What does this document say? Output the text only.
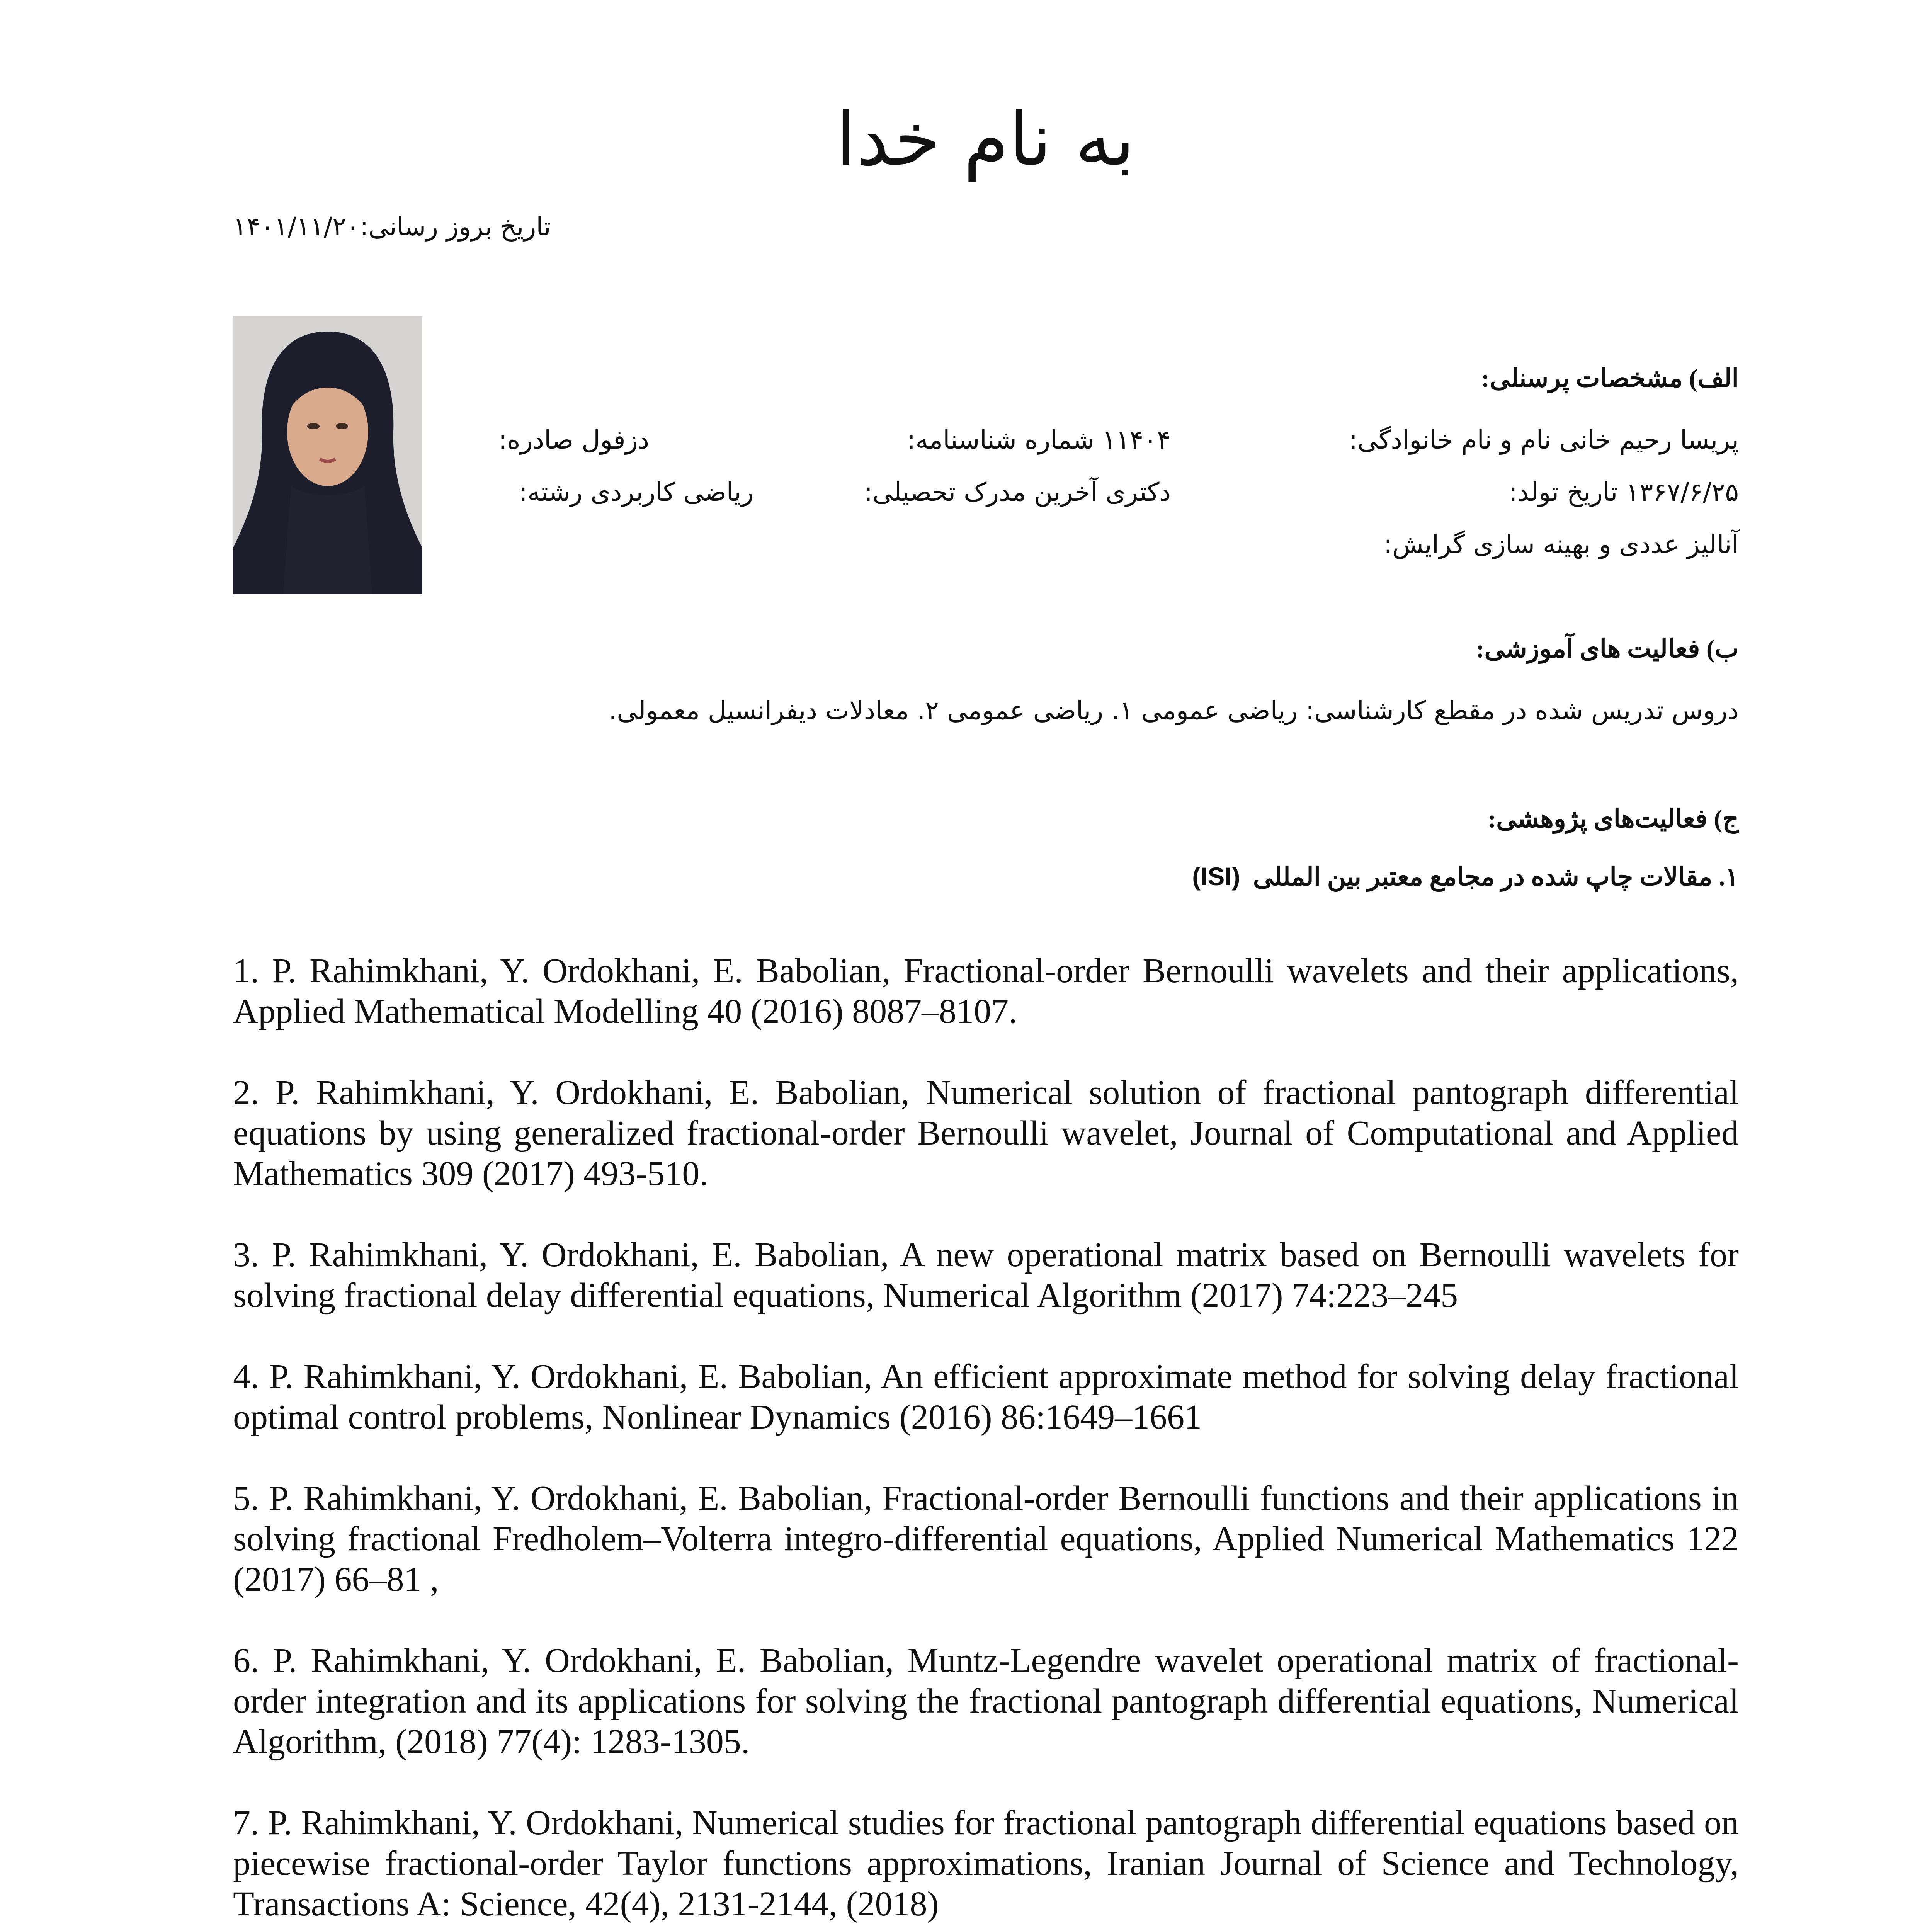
به نام خدا
تاریخ بروز رسانی:۱۴۰۱/۱۱/۲۰
الف) مشخصات پرسنلی:
نام و نام خانوادگی: پریسا رحیم خانی
شماره شناسنامه: ۱۱۴۰۴
صادره: دزفول
تاریخ تولد: ۱۳۶۷/۶/۲۵
آخرین مدرک تحصیلی: دکتری
رشته: ریاضی کاربردی
گرایش: آنالیز عددی و بهینه سازی
ب) فعالیت های آموزشی:
دروس تدریس شده در مقطع کارشناسی: ریاضی عمومی ۱. ریاضی عمومی ۲. معادلات دیفرانسیل معمولی.
ج) فعالیت‌های پژوهشی:
۱. مقالات چاپ شده در مجامع معتبر بین المللی  (ISI)

1. P. Rahimkhani, Y. Ordokhani, E. Babolian, Fractional-order Bernoulli wavelets and their applications, Applied Mathematical Modelling 40 (2016) 8087–8107.

2. P. Rahimkhani, Y. Ordokhani, E. Babolian, Numerical solution of fractional pantograph differential equations by using generalized fractional-order Bernoulli wavelet, Journal of Computational and Applied Mathematics 309 (2017) 493-510.

3. P. Rahimkhani, Y. Ordokhani, E. Babolian, A new operational matrix based on Bernoulli wavelets for solving fractional delay differential equations, Numerical Algorithm (2017) 74:223–245

4. P. Rahimkhani, Y. Ordokhani, E. Babolian, An efficient approximate method for solving delay fractional optimal control problems, Nonlinear Dynamics (2016) 86:1649–1661

5. P. Rahimkhani, Y. Ordokhani, E. Babolian, Fractional-order Bernoulli functions and their applications in solving fractional Fredholem–Volterra integro-differential equations, Applied Numerical Mathematics 122 (2017) 66–81 ,

6. P. Rahimkhani, Y. Ordokhani, E. Babolian, Muntz-Legendre wavelet operational matrix of fractional-order integration and its applications for solving the fractional pantograph differential equations, Numerical Algorithm, (2018) 77(4): 1283-1305.

7. P. Rahimkhani, Y. Ordokhani, Numerical studies for fractional pantograph differential equations based on piecewise fractional-order Taylor functions approximations, Iranian Journal of Science and Technology, Transactions A: Science, 42(4), 2131-2144, (2018)
